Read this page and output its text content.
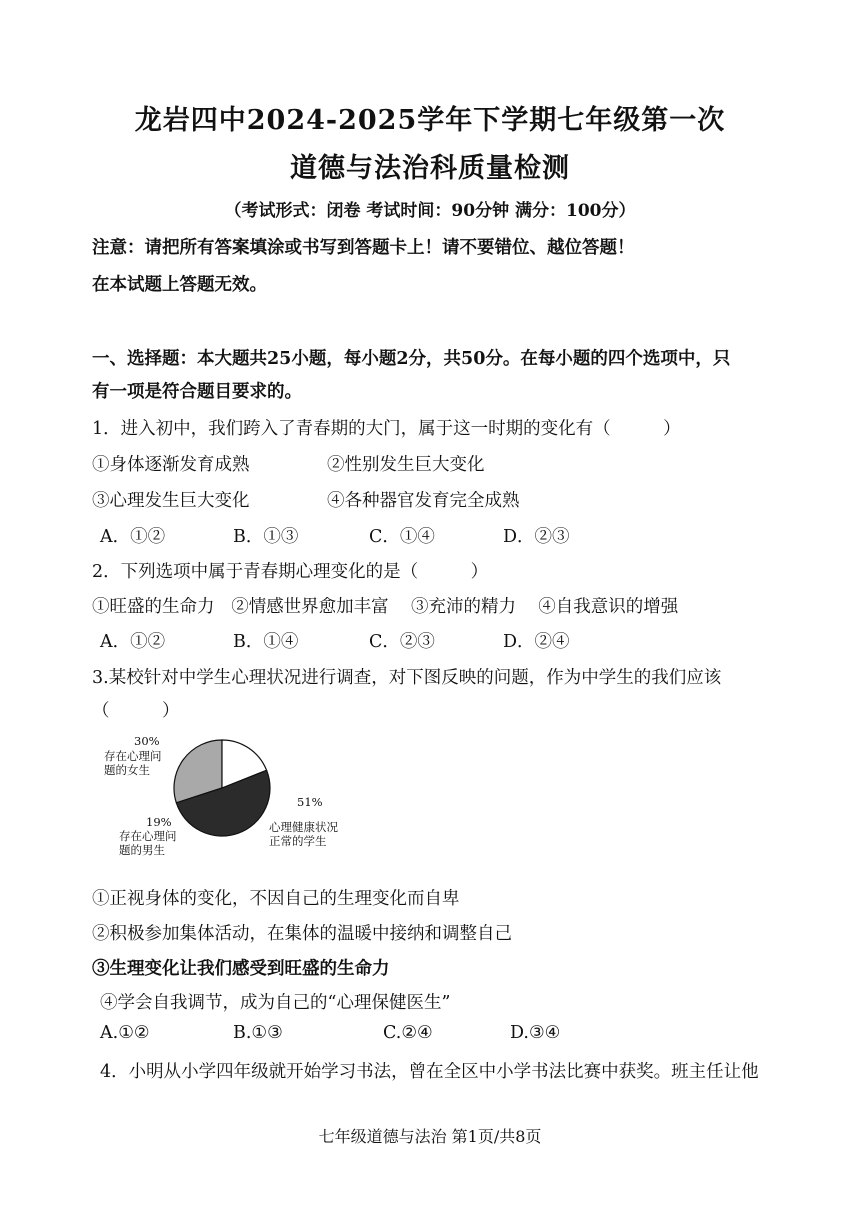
龙岩四中2024-2025学年下学期七年级第一次
道德与法治科质量检测
（考试形式：闭卷 考试时间：90分钟 满分：100分）
注意：请把所有答案填涂或书写到答题卡上！请不要错位、越位答题！
在本试题上答题无效。
一、选择题：本大题共25小题，每小题2分，共50分。在每小题的四个选项中，只
有一项是符合题目要求的。
1．进入初中，我们跨入了青春期的大门，属于这一时期的变化有（　　　）
①身体逐渐发育成熟	②性别发生巨大变化
③心理发生巨大变化	④各种器官发育完全成熟
A．①②	B．①③	C．①④	D．②③
2．下列选项中属于青春期心理变化的是（　　　）
①旺盛的生命力   ②情感世界愈加丰富    ③充沛的精力    ④自我意识的增强
A．①②	B．①④	C．②③	D．②④
3.某校针对中学生心理状况进行调查，对下图反映的问题，作为中学生的我们应该
（　　　）
30%
存在心理问
题的女生
19%
存在心理问
题的男生
51%
心理健康状况
正常的学生
①正视身体的变化，不因自己的生理变化而自卑
②积极参加集体活动，在集体的温暖中接纳和调整自己
③生理变化让我们感受到旺盛的生命力
④学会自我调节，成为自己的“心理保健医生”
A.①②	B.①③	C.②④	D.③④
4．小明从小学四年级就开始学习书法，曾在全区中小学书法比赛中获奖。班主任让他
七年级道德与法治 第1页/共8页
